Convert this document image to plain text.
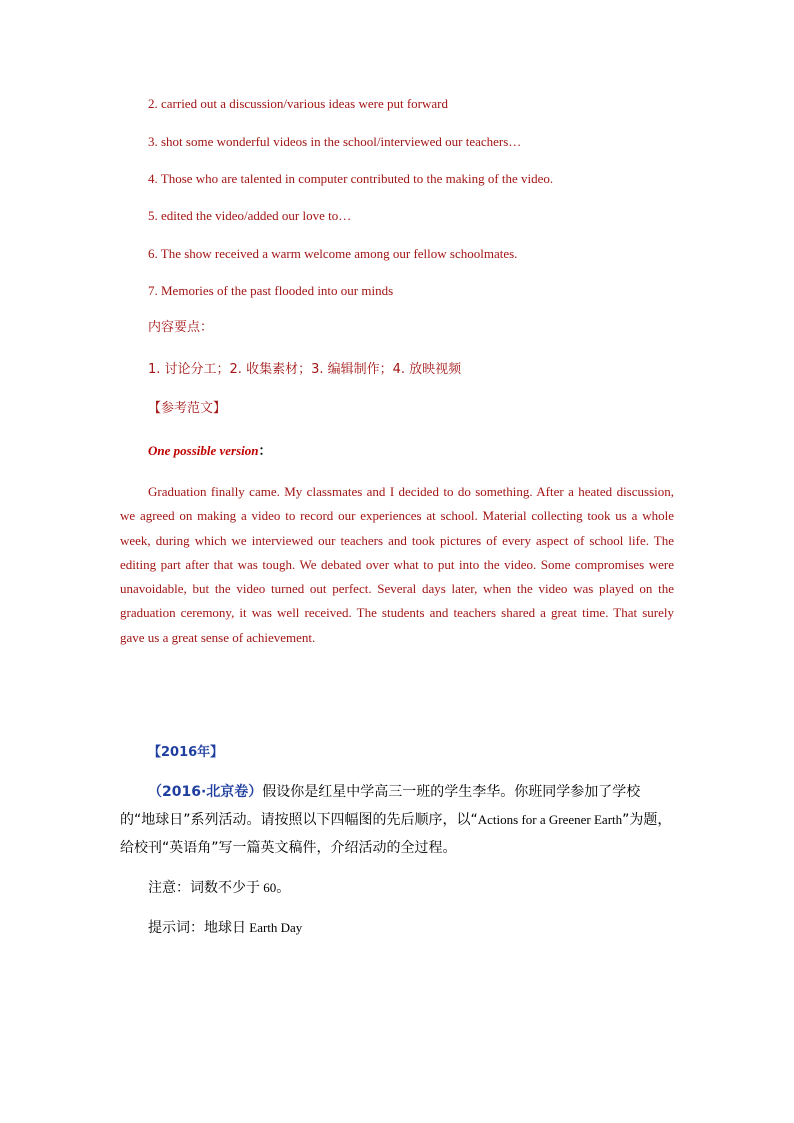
2. carried out a discussion/various ideas were put forward
3. shot some wonderful videos in the school/interviewed our teachers…
4. Those who are talented in computer contributed to the making of the video.
5. edited the video/added our love to…
6. The show received a warm welcome among our fellow schoolmates.
7. Memories of the past flooded into our minds
内容要点：
1. 讨论分工；2. 收集素材；3. 编辑制作；4. 放映视频
【参考范文】
One possible version：

Graduation finally came. My classmates and I decided to do something. After a heated discussion, we agreed on making a video to record our experiences at school. Material collecting took us a whole week, during which we interviewed our teachers and took pictures of every aspect of school life. The editing part after that was tough. We debated over what to put into the video. Some compromises were unavoidable, but the video turned out perfect. Several days later, when the video was played on the graduation ceremony, it was well received. The students and teachers shared a great time. That surely gave us a great sense of achievement.

【2016年】

（2016·北京卷）假设你是红星中学高三一班的学生李华。你班同学参加了学校的“地球日”系列活动。请按照以下四幅图的先后顺序，以“Actions for a Greener Earth”为题，给校刊“英语角”写一篇英文稿件，介绍活动的全过程。

注意：词数不少于 60。
提示词：地球日 Earth Day
